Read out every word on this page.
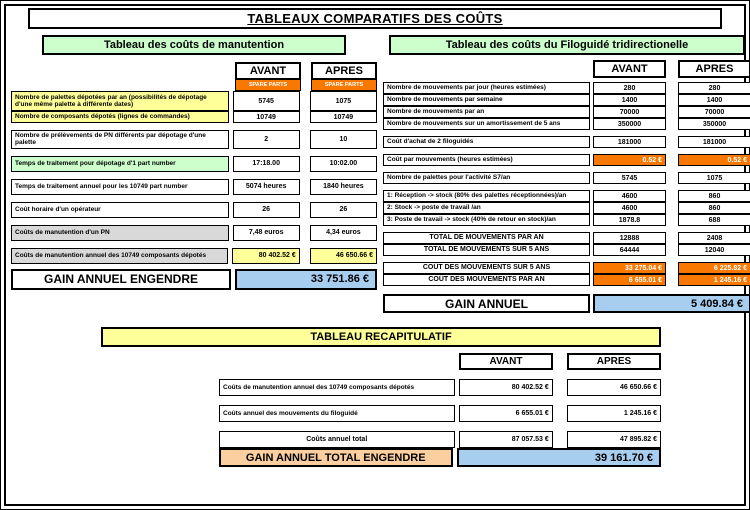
TABLEAUX COMPARATIFS DES COÛTS
Tableau des coûts de manutention
AVANT	APRES
SPARE PARTS	SPARE PARTS
Nombre de palettes dépotées par an (possibilités de dépotage d'une même palette à différente dates)	5745	1075
Nombre de composants dépotés (lignes de commandes)	10749	10749
Nombre de prélèvements de PN différents par dépotage d'une palette	2	10
Temps de traitement pour dépotage d'1 part number	17:18.00	10:02.00
Temps de traitement annuel pour les 10749 part number	5074 heures	1840 heures
Coût horaire d'un opérateur	26	26
Coûts de manutention d'un PN	7,48 euros	4,34 euros
Coûts de manutention annuel des 10749 composants dépotés	80 402.52 €	46 650.66 €
GAIN ANNUEL ENGENDRE	33 751.86 €
Tableau des coûts du Filoguidé tridirectionelle
AVANT	APRES
Nombre de mouvements par jour (heures estimées)	280	280
Nombre de mouvements par semaine	1400	1400
Nombre de mouvements par an	70000	70000
Nombre de mouvements sur un amortissement de 5 ans	350000	350000
Coût d'achat de 2 filoguidés	181000	181000
Coût par mouvements (heures estimées)	0.52 €	0.52 €
Nombre de palettes pour l'activité S7/an	5745	1075
1: Réception -> stock (80% des palettes réceptionnées)/an	4600	860
2: Stock -> poste de travail /an	4600	860
3: Poste de travail -> stock (40% de retour en stock)/an	1878.8	688
TOTAL DE MOUVEMENTS PAR AN	12888	2408
TOTAL DE MOUVEMENTS SUR 5 ANS	64444	12040
COÛT DES MOUVEMENTS SUR 5 ANS	33 275.04 €	6 225.82 €
COÛT DES MOUVEMENTS PAR AN	6 655.01 €	1 245.16 €
GAIN ANNUEL	5 409.84 €
TABLEAU RECAPITULATIF
AVANT	APRES
Coûts de manutention annuel des 10749 composants dépotés	80 402.52 €	46 650.66 €
Coûts annuel des mouvements du filoguidé	6 655.01 €	1 245.16 €
Coûts annuel total	87 057.53 €	47 895.82 €
GAIN ANNUEL TOTAL ENGENDRE	39 161.70 €
